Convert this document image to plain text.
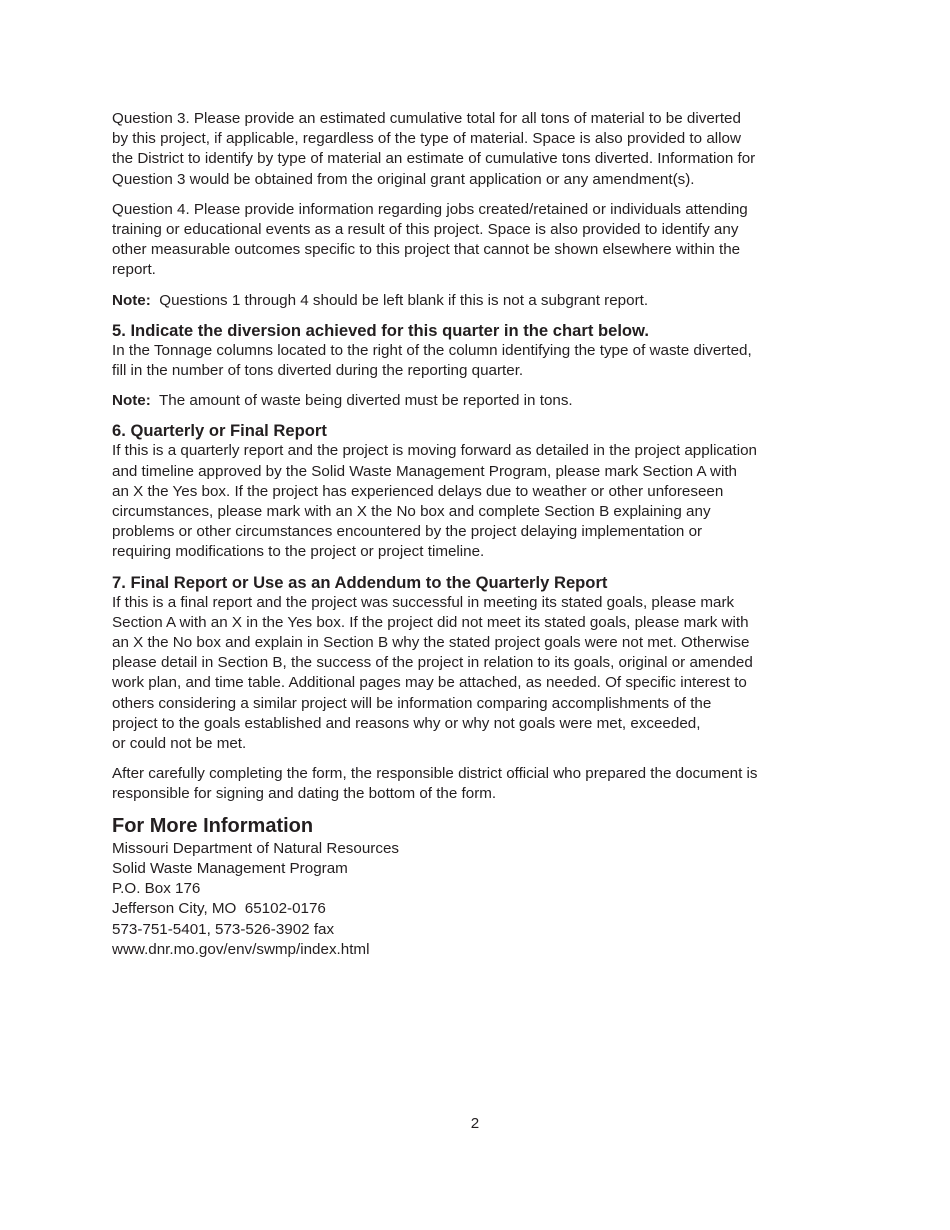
Question 3. Please provide an estimated cumulative total for all tons of material to be diverted
by this project, if applicable, regardless of the type of material. Space is also provided to allow
the District to identify by type of material an estimate of cumulative tons diverted. Information for
Question 3 would be obtained from the original grant application or any amendment(s).
Question 4. Please provide information regarding jobs created/retained or individuals attending
training or educational events as a result of this project. Space is also provided to identify any
other measurable outcomes specific to this project that cannot be shown elsewhere within the
report.
Note:  Questions 1 through 4 should be left blank if this is not a subgrant report.
5. Indicate the diversion achieved for this quarter in the chart below.
In the Tonnage columns located to the right of the column identifying the type of waste diverted,
fill in the number of tons diverted during the reporting quarter.
Note:  The amount of waste being diverted must be reported in tons.
6. Quarterly or Final Report
If this is a quarterly report and the project is moving forward as detailed in the project application
and timeline approved by the Solid Waste Management Program, please mark Section A with
an X the Yes box. If the project has experienced delays due to weather or other unforeseen
circumstances, please mark with an X the No box and complete Section B explaining any
problems or other circumstances encountered by the project delaying implementation or
requiring modifications to the project or project timeline.
7. Final Report or Use as an Addendum to the Quarterly Report
If this is a final report and the project was successful in meeting its stated goals, please mark
Section A with an X in the Yes box. If the project did not meet its stated goals, please mark with
an X the No box and explain in Section B why the stated project goals were not met. Otherwise
please detail in Section B, the success of the project in relation to its goals, original or amended
work plan, and time table. Additional pages may be attached, as needed. Of specific interest to
others considering a similar project will be information comparing accomplishments of the
project to the goals established and reasons why or why not goals were met, exceeded,
or could not be met.
After carefully completing the form, the responsible district official who prepared the document is
responsible for signing and dating the bottom of the form.
For More Information
Missouri Department of Natural Resources
Solid Waste Management Program
P.O. Box 176
Jefferson City, MO  65102-0176
573-751-5401, 573-526-3902 fax
www.dnr.mo.gov/env/swmp/index.html
2
